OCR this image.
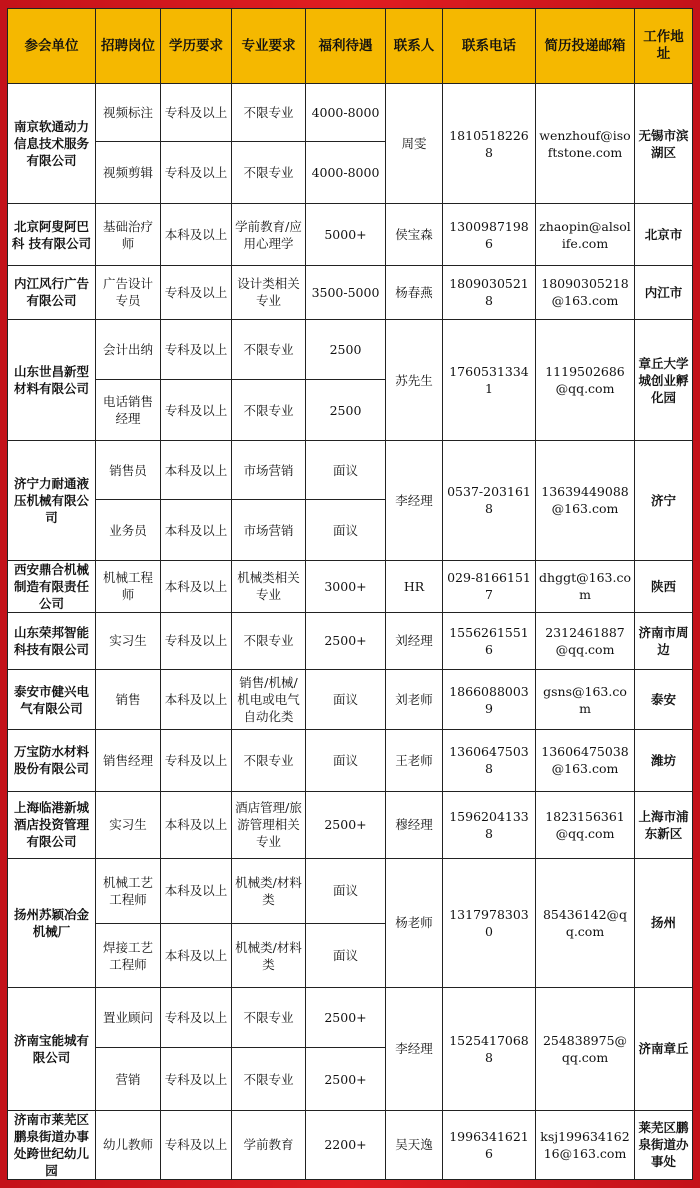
参会单位	招聘岗位	学历要求	专业要求	福利待遇	联系人	联系电话	简历投递邮箱	工作地址
南京软通动力信息技术服务有限公司	视频标注	专科及以上	不限专业	4000-8000	周雯	18105182268	wenzhouf@isoftstone.com	无锡市滨湖区
	视频剪辑	专科及以上	不限专业	4000-8000				
北京阿叟阿巴科 技有限公司	基础治疗师	本科及以上	学前教育/应用心理学	5000+	侯宝森	13009871986	zhaopin@alsolife.com	北京市
内江风行广告有限公司	广告设计专员	专科及以上	设计类相关专业	3500-5000	杨春燕	18090305218	18090305218@163.com	内江市
山东世昌新型材料有限公司	会计出纳	专科及以上	不限专业	2500	苏先生	17605313341	1119502686@qq.com	章丘大学城创业孵化园
	电话销售经理	专科及以上	不限专业	2500				
济宁力耐通液压机械有限公司	销售员	本科及以上	市场营销	面议	李经理	0537-2031618	13639449088@163.com	济宁
	业务员	本科及以上	市场营销	面议				
西安鼎合机械制造有限责任公司	机械工程师	本科及以上	机械类相关专业	3000+	HR	029-81661517	dhggt@163.com	陕西
山东荣邦智能科技有限公司	实习生	专科及以上	不限专业	2500+	刘经理	15562615516	2312461887@qq.com	济南市周边
泰安市健兴电气有限公司	销售	本科及以上	销售/机械/机电或电气自动化类	面议	刘老师	18660880039	gsns@163.com	泰安
万宝防水材料股份有限公司	销售经理	专科及以上	不限专业	面议	王老师	13606475038	13606475038@163.com	潍坊
上海临港新城酒店投资管理有限公司	实习生	本科及以上	酒店管理/旅游管理相关专业	2500+	穆经理	15962041338	1823156361@qq.com	上海市浦东新区
扬州苏颖冶金机械厂	机械工艺工程师	本科及以上	机械类/材料类	面议	杨老师	13179783030	85436142@qq.com	扬州
	焊接工艺工程师	本科及以上	机械类/材料类	面议				
济南宝能城有限公司	置业顾问	专科及以上	不限专业	2500+	李经理	15254170688	254838975@qq.com	济南章丘
	营销	专科及以上	不限专业	2500+				
济南市莱芜区鹏泉街道办事处跨世纪幼儿园	幼儿教师	专科及以上	学前教育	2200+	吴天逸	19963416216	ksj19963416216@163.com	莱芜区鹏泉街道办事处
